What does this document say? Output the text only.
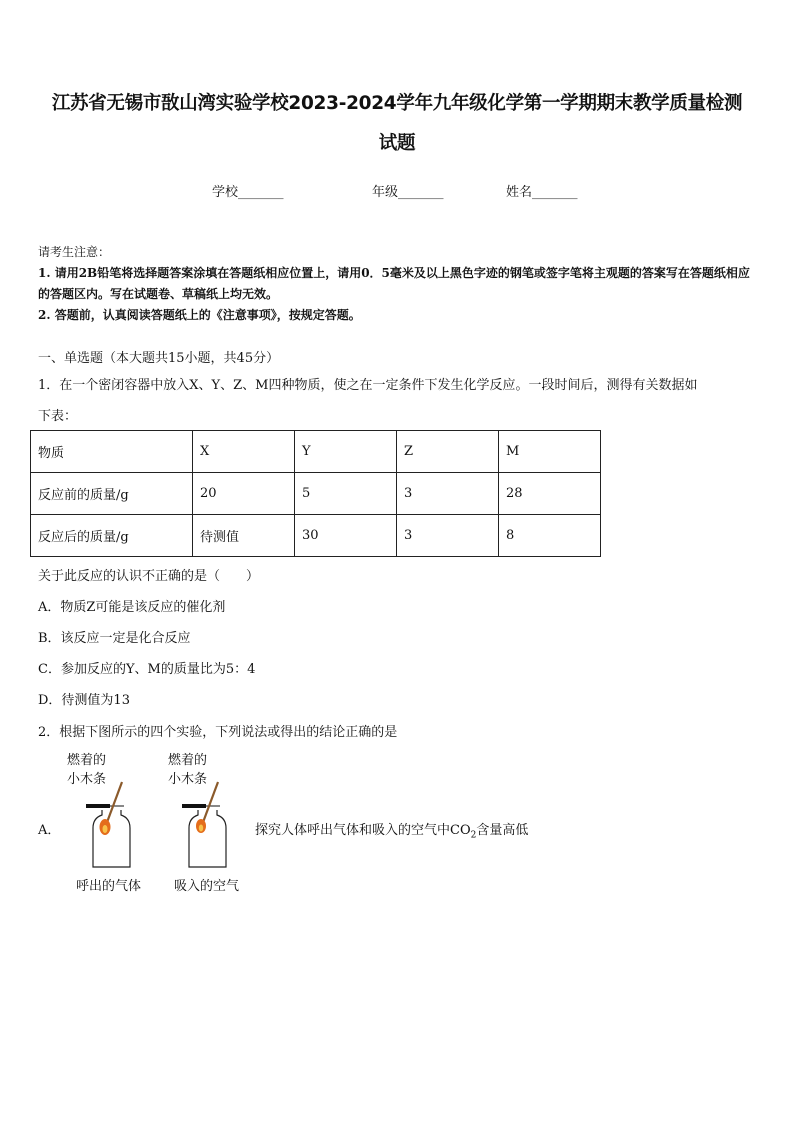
江苏省无锡市敔山湾实验学校2023-2024学年九年级化学第一学期期末教学质量检测
试题
学校_______	年级_______	姓名_______
请考生注意：
1. 请用2B铅笔将选择题答案涂填在答题纸相应位置上，请用0．5毫米及以上黑色字迹的钢笔或签字笔将主观题的答案写在答题纸相应的答题区内。写在试题卷、草稿纸上均无效。
2. 答题前，认真阅读答题纸上的《注意事项》，按规定答题。
一、单选题（本大题共15小题，共45分）
1．在一个密闭容器中放入X、Y、Z、M四种物质，使之在一定条件下发生化学反应。一段时间后，测得有关数据如
下表：
物质	X	Y	Z	M
反应前的质量/g	20	5	3	28
反应后的质量/g	待测值	30	3	8
关于此反应的认识不正确的是（　　）
A．物质Z可能是该反应的催化剂
B．该反应一定是化合反应
C．参加反应的Y、M的质量比为5：4
D．待测值为13
2．根据下图所示的四个实验，下列说法或得出的结论正确的是
A．
燃着的
小木条
燃着的
小木条
呼出的气体	吸入的空气
探究人体呼出气体和吸入的空气中$CO_2$含量高低
